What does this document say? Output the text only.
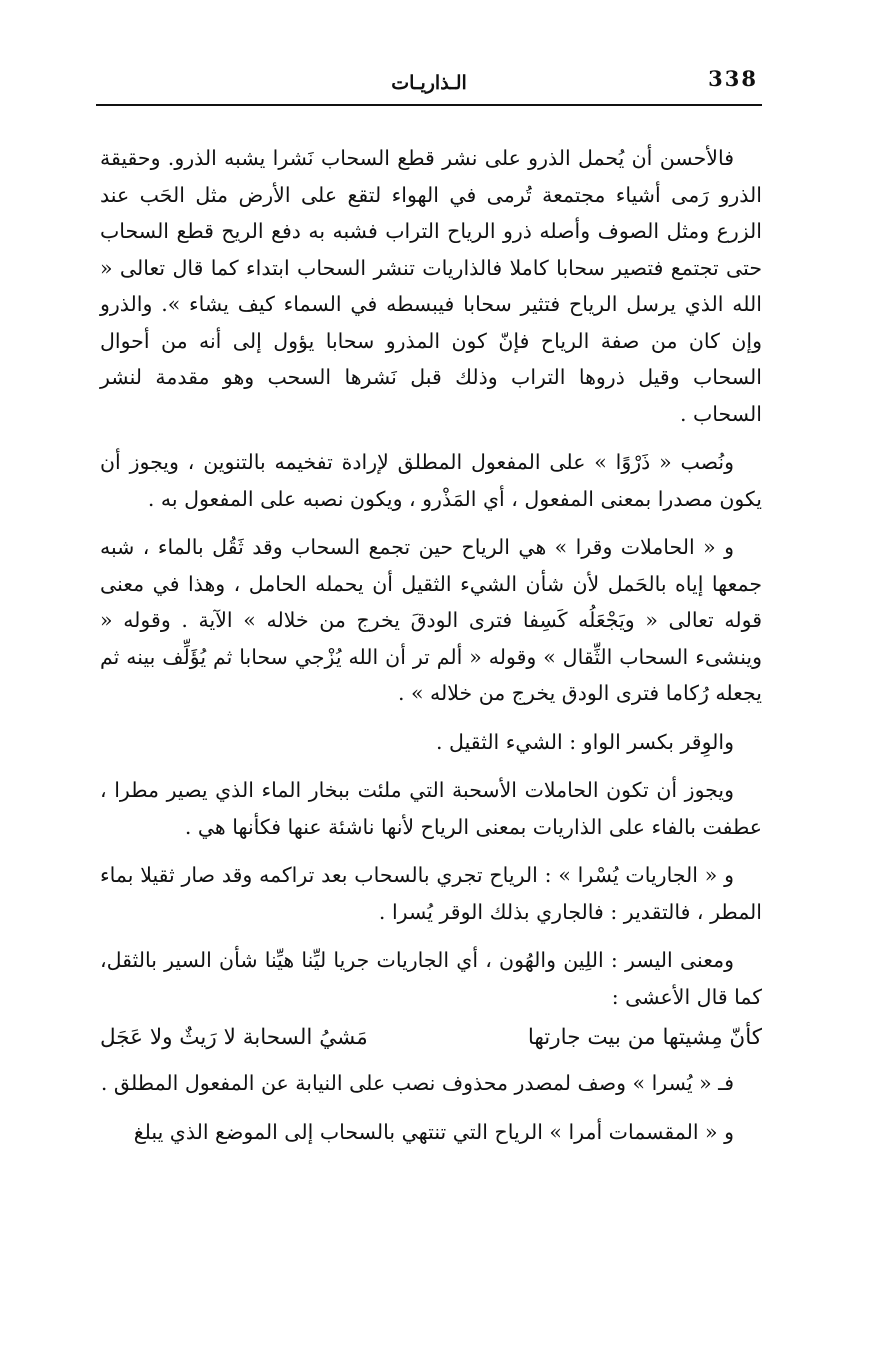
338
الـذاريـات

فالأحسن أن يُحمل الذرو على نشر قطع السحاب نَشرا يشبه الذرو. وحقيقة الذرو رَمى أشياء مجتمعة تُرمى في الهواء لتقع على الأرض مثل الحَب عند الزرع ومثل الصوف وأصله ذرو الرياح التراب فشبه به دفع الريح قطع السحاب حتى تجتمع فتصير سحابا كاملا فالذاريات تنشر السحاب ابتداء كما قال تعالى « الله الذي يرسل الرياح فتثير سحابا فيبسطه في السماء كيف يشاء ». والذرو وإن كان من صفة الرياح فإنّ كون المذرو سحابا يؤول إلى أنه من أحوال السحاب وقيل ذروها التراب وذلك قبل نَشرها السحب وهو مقدمة لنشر السحاب .

ونُصب « ذَرْوًا » على المفعول المطلق لإرادة تفخيمه بالتنوين ، ويجوز أن يكون مصدرا بمعنى المفعول ، أي المَذْرو ، ويكون نصبه على المفعول به .

و « الحاملات وقرا » هي الرياح حين تجمع السحاب وقد ثَقُل بالماء ، شبه جمعها إياه بالحَمل لأن شأن الشيء الثقيل أن يحمله الحامل ، وهذا في معنى قوله تعالى « ويَجْعَلُه كَسِفا فترى الودقَ يخرج من خلاله » الآية . وقوله « وينشىء السحاب الثِّقال » وقوله « ألم تر أن الله يُزْجي سحابا ثم يُؤَلِّف بينه ثم يجعله رُكاما فترى الودق يخرج من خلاله » .

والوِقر بكسر الواو : الشيء الثقيل .

ويجوز أن تكون الحاملات الأسحبة التي ملئت ببخار الماء الذي يصير مطرا ، عطفت بالفاء على الذاريات بمعنى الرياح لأنها ناشئة عنها فكأنها هي .

و « الجاريات يُسْرا » : الرياح تجري بالسحاب بعد تراكمه وقد صار ثقيلا بماء المطر ، فالتقدير : فالجاري بذلك الوقر يُسرا .

ومعنى اليسر : اللِين والهُون ، أي الجاريات جريا ليِّنا هيِّنا شأن السير بالثقل، كما قال الأعشى :

كأنّ مِشيتها من بيت جارتها
مَشيُ السحابة لا رَيثٌ ولا عَجَل

فـ « يُسرا » وصف لمصدر محذوف نصب على النيابة عن المفعول المطلق .

و « المقسمات أمرا » الرياح التي تنتهي بالسحاب إلى الموضع الذي يبلغ
